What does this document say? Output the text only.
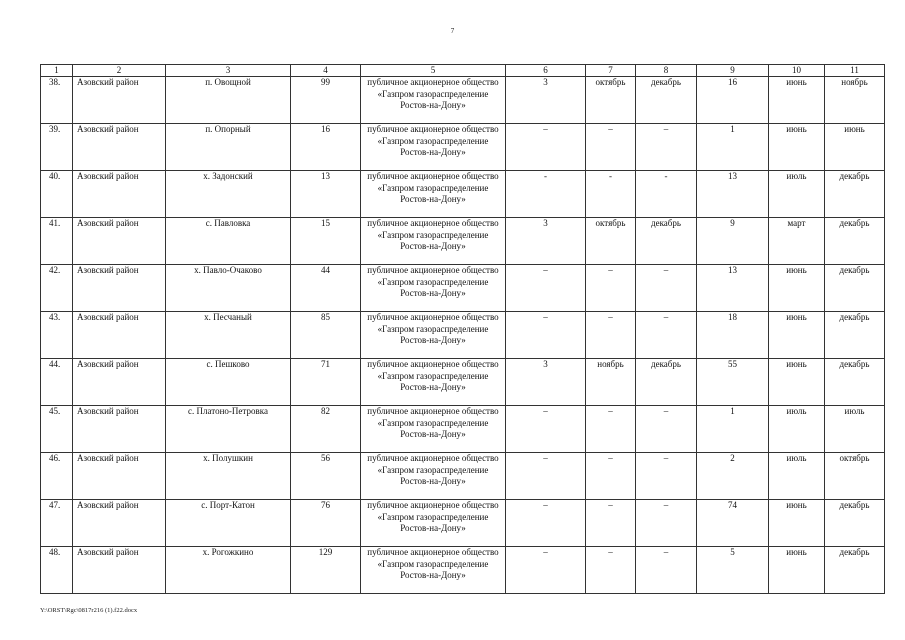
7
1	2	3	4	5	6	7	8	9	10	11
38.	Азовский район	п. Овощной	99	публичное акционерное общество «Газпром газораспределение Ростов-на-Дону»	3	октябрь	декабрь	16	июнь	ноябрь
39.	Азовский район	п. Опорный	16	публичное акционерное общество «Газпром газораспределение Ростов-на-Дону»	–	–	–	1	июнь	июнь
40.	Азовский район	х. Задонский	13	публичное акционерное общество «Газпром газораспределение Ростов-на-Дону»	-	-	-	13	июль	декабрь
41.	Азовский район	с. Павловка	15	публичное акционерное общество «Газпром газораспределение Ростов-на-Дону»	3	октябрь	декабрь	9	март	декабрь
42.	Азовский район	х. Павло-Очаково	44	публичное акционерное общество «Газпром газораспределение Ростов-на-Дону»	–	–	–	13	июнь	декабрь
43.	Азовский район	х. Песчаный	85	публичное акционерное общество «Газпром газораспределение Ростов-на-Дону»	–	–	–	18	июнь	декабрь
44.	Азовский район	с. Пешково	71	публичное акционерное общество «Газпром газораспределение Ростов-на-Дону»	3	ноябрь	декабрь	55	июнь	декабрь
45.	Азовский район	с. Платоно-Петровка	82	публичное акционерное общество «Газпром газораспределение Ростов-на-Дону»	–	–	–	1	июль	июль
46.	Азовский район	х. Полушкин	56	публичное акционерное общество «Газпром газораспределение Ростов-на-Дону»	–	–	–	2	июль	октябрь
47.	Азовский район	с. Порт-Катон	76	публичное акционерное общество «Газпром газораспределение Ростов-на-Дону»	–	–	–	74	июнь	декабрь
48.	Азовский район	х. Рогожкино	129	публичное акционерное общество «Газпром газораспределение Ростов-на-Дону»	–	–	–	5	июнь	декабрь
Y:\ORST\Rgc\0817r216 (1).f22.docx
